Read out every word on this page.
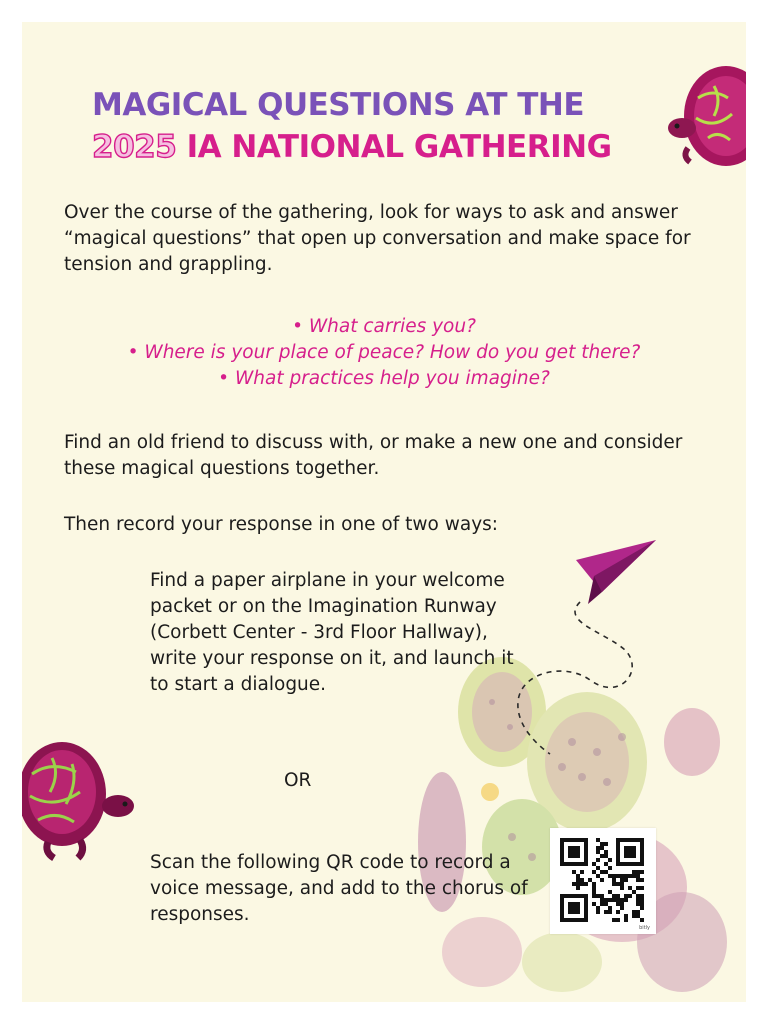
MAGICAL QUESTIONS AT THE
2025 IA NATIONAL GATHERING

Over the course of the gathering, look for ways to ask and answer “magical questions” that open up conversation and make space for tension and grappling.

• What carries you?
• Where is your place of peace? How do you get there?
• What practices help you imagine?

Find an old friend to discuss with, or make a new one and consider these magical questions together.

Then record your response in one of two ways:

Find a paper airplane in your welcome packet or on the Imagination Runway (Corbett Center - 3rd Floor Hallway), write your response on it, and launch it to start a dialogue.

OR

Scan the following QR code to record a voice message, and add to the chorus of responses.

bitly
